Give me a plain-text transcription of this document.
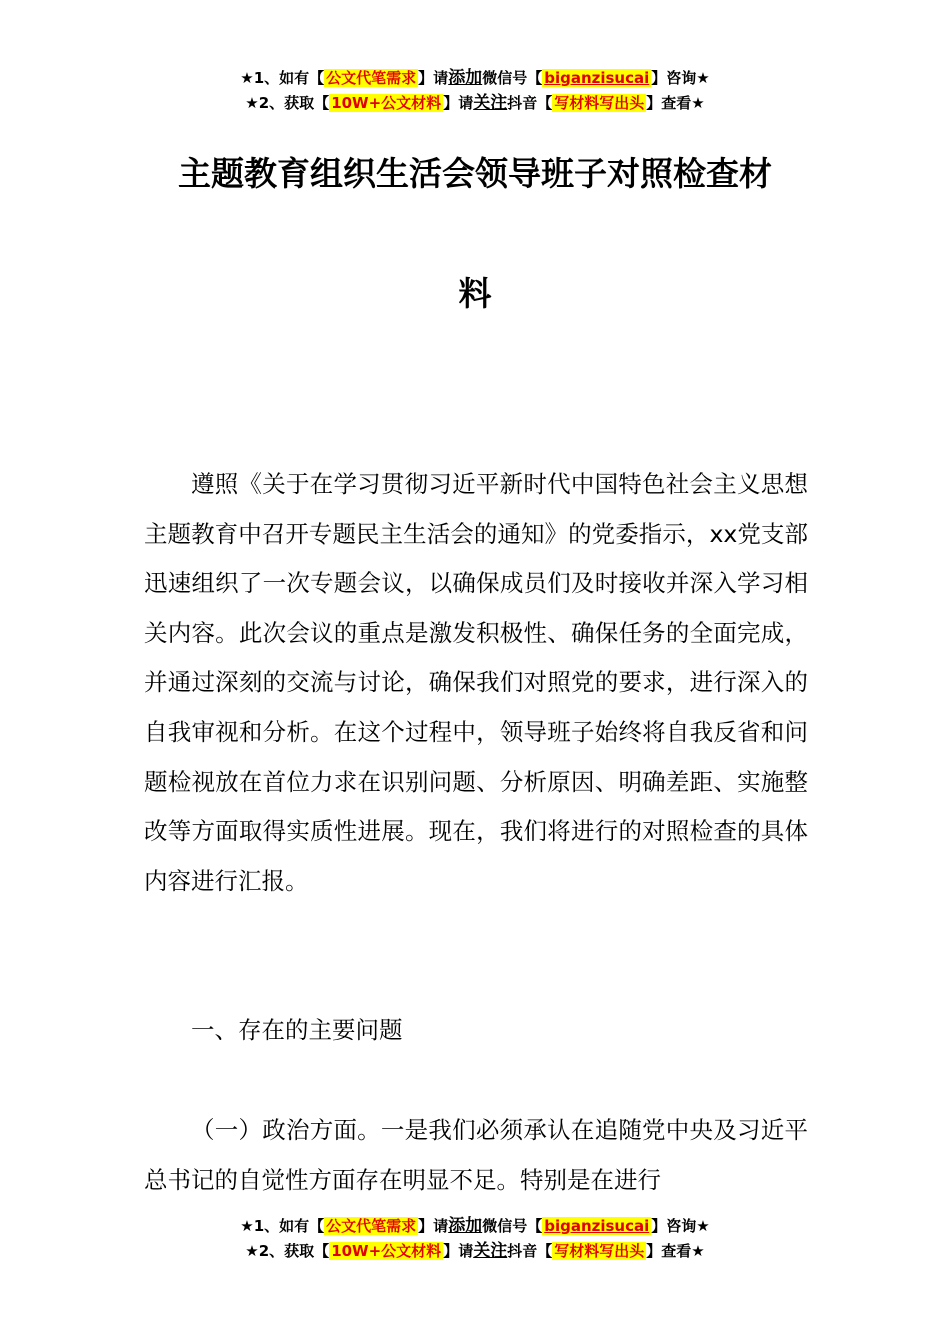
★1、如有【 公文代笔需求 】请添加微信号【 biganzisucai 】咨询★
★2、获取【 10W+公文材料 】请关注抖音【 写材料写出头 】查看★
主题教育组织生活会领导班子对照检查材
料

遵照《关于在学习贯彻习近平新时代中国特色社会主义思想主题教育中召开专题民主生活会的通知》的党委指示，xx党支部迅速组织了一次专题会议，以确保成员们及时接收并深入学习相关内容。此次会议的重点是激发积极性、确保任务的全面完成，并通过深刻的交流与讨论，确保我们对照党的要求，进行深入的自我审视和分析。在这个过程中，领导班子始终将自我反省和问题检视放在首位力求在识别问题、分析原因、明确差距、实施整改等方面取得实质性进展。现在，我们将进行的对照检查的具体内容进行汇报。

一、存在的主要问题

（一）政治方面。一是我们必须承认在追随党中央及习近平总书记的自觉性方面存在明显不足。特别是在进行

★1、如有【 公文代笔需求 】请添加微信号【 biganzisucai 】咨询★
★2、获取【 10W+公文材料 】请关注抖音【 写材料写出头 】查看★
